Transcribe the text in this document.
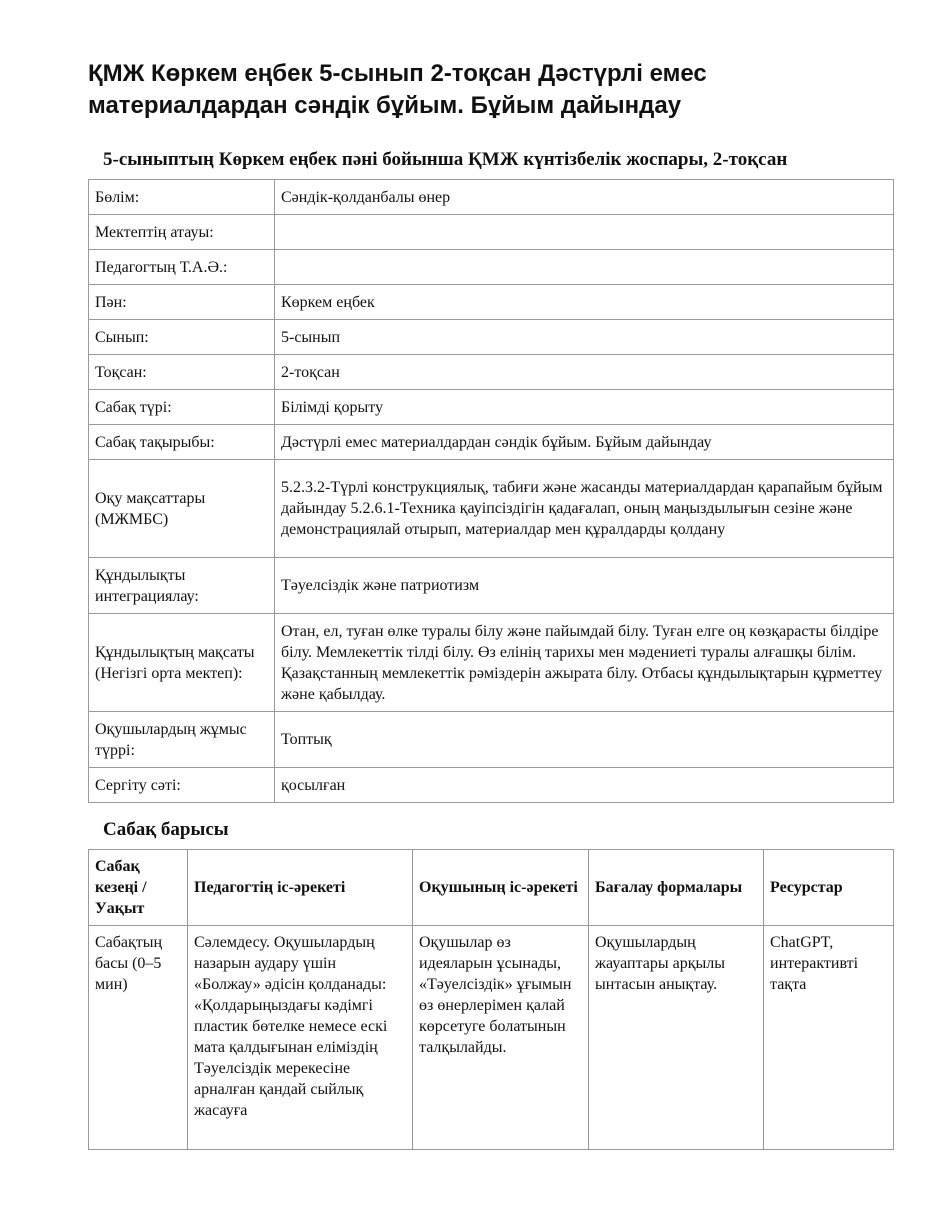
ҚМЖ Көркем еңбек 5-сынып 2-тоқсан Дәстүрлі емес материалдардан сәндік бұйым. Бұйым дайындау
5-сыныптың Көркем еңбек пәні бойынша ҚМЖ күнтізбелік жоспары, 2-тоқсан
Бөлім:	Сәндік-қолданбалы өнер
Мектептің атауы:	
Педагогтың Т.А.Ә.:	
Пән:	Көркем еңбек
Сынып:	5-сынып
Тоқсан:	2-тоқсан
Сабақ түрі:	Білімді қорыту
Сабақ тақырыбы:	Дәстүрлі емес материалдардан сәндік бұйым. Бұйым дайындау
Оқу мақсаттары (МЖМБС)	5.2.3.2-Түрлі конструкциялық, табиғи және жасанды материалдардан қарапайым бұйым дайындау 5.2.6.1-Техника қауіпсіздігін қадағалап, оның маңыздылығын сезіне және демонстрациялай отырып, материалдар мен құралдарды қолдану
Құндылықты интеграциялау:	Тәуелсіздік және патриотизм
Құндылықтың мақсаты (Негізгі орта мектеп):	Отан, ел, туған өлке туралы білу және пайымдай білу. Туған елге оң көзқарасты білдіре білу. Мемлекеттік тілді білу. Өз елінің тарихы мен мәдениеті туралы алғашқы білім. Қазақстанның мемлекеттік рәміздерін ажырата білу. Отбасы құндылықтарын құрметтеу және қабылдау.
Оқушылардың жұмыс түррі:	Топтық
Сергіту сәті:	қосылған
Сабақ барысы
Сабақ кезеңі / Уақыт	Педагогтің іс-әрекеті	Оқушының іс-әрекеті	Бағалау формалары	Ресурстар
Сабақтың басы (0–5 мин)	Сәлемдесу. Оқушылардың назарын аудару үшін «Болжау» әдісін қолданады: «Қолдарыңыздағы кәдімгі пластик бөтелке немесе ескі мата қалдығынан еліміздің Тәуелсіздік мерекесіне арналған қандай сыйлық жасауға	Оқушылар өз идеяларын ұсынады, «Тәуелсіздік» ұғымын өз өнерлерімен қалай көрсетуге болатынын талқылайды.	Оқушылардың жауаптары арқылы ынтасын анықтау.	ChatGPT, интерактивті тақта
